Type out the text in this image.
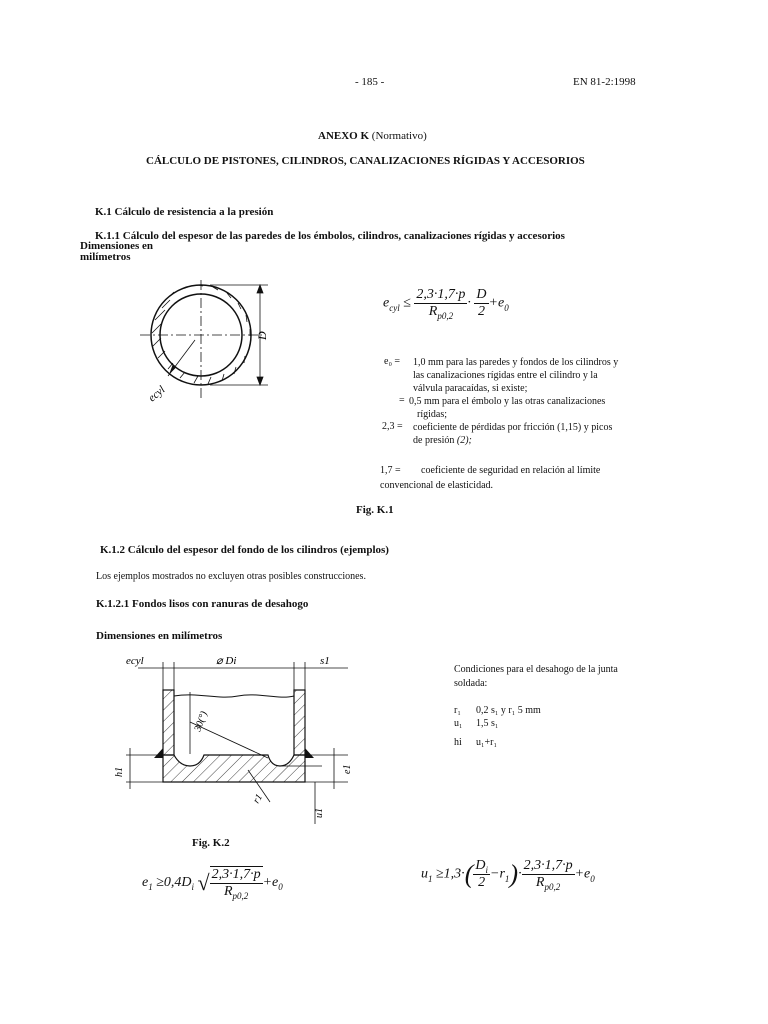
- 185 -	EN 81-2:1998
ANEXO K (Normativo)
CÁLCULO DE PISTONES, CILINDROS, CANALIZACIONES RÍGIDAS Y ACCESORIOS
K.1 Cálculo de resistencia a la presión
K.1.1 Cálculo del espesor de las paredes de los émbolos, cilindros, canalizaciones rígidas y accesorios
Dimensiones en
milímetros
D
ecyl
$e_{cyl} \le \frac{2,3\cdot 1,7\cdot p}{R_{p0,2}} \cdot \frac{D}{2} +e_0$
e₀ = 1,0 mm para las paredes y fondos de los cilindros y
las canalizaciones rígidas entre el cilindro y la
válvula paracaídas, si existe;
= 0,5 mm para el émbolo y las otras canalizaciones
rígidas;
2,3 = coeficiente de pérdidas por fricción (1,15) y picos
de presión (2);
1,7 = coeficiente de seguridad en relación al límite
convencional de elasticidad.
Fig. K.1
K.1.2 Cálculo del espesor del fondo de los cilindros (ejemplos)
Los ejemplos mostrados no excluyen otras posibles construcciones.
K.1.2.1 Fondos lisos con ranuras de desahogo
Dimensiones en milímetros
ecyl	⌀ Di	s1
30(°)
r1
h1	e1
u1
Condiciones para el desahogo de la junta
soldada:
r₁ 0,2 s₁ y r₁ 5 mm
u₁ 1,5 s₁
hi u₁+r₁
Fig. K.2
$e_1 \ge 0,4D_i$ √ $\frac{2,3\cdot 1,7\cdot p}{R_{p0,2}} +e_0$
$u_1 \ge 1,3\cdot( \frac{D_i}{2} -r_1)\cdot \frac{2,3\cdot 1,7\cdot p}{R_{p0,2}} +e_0$
